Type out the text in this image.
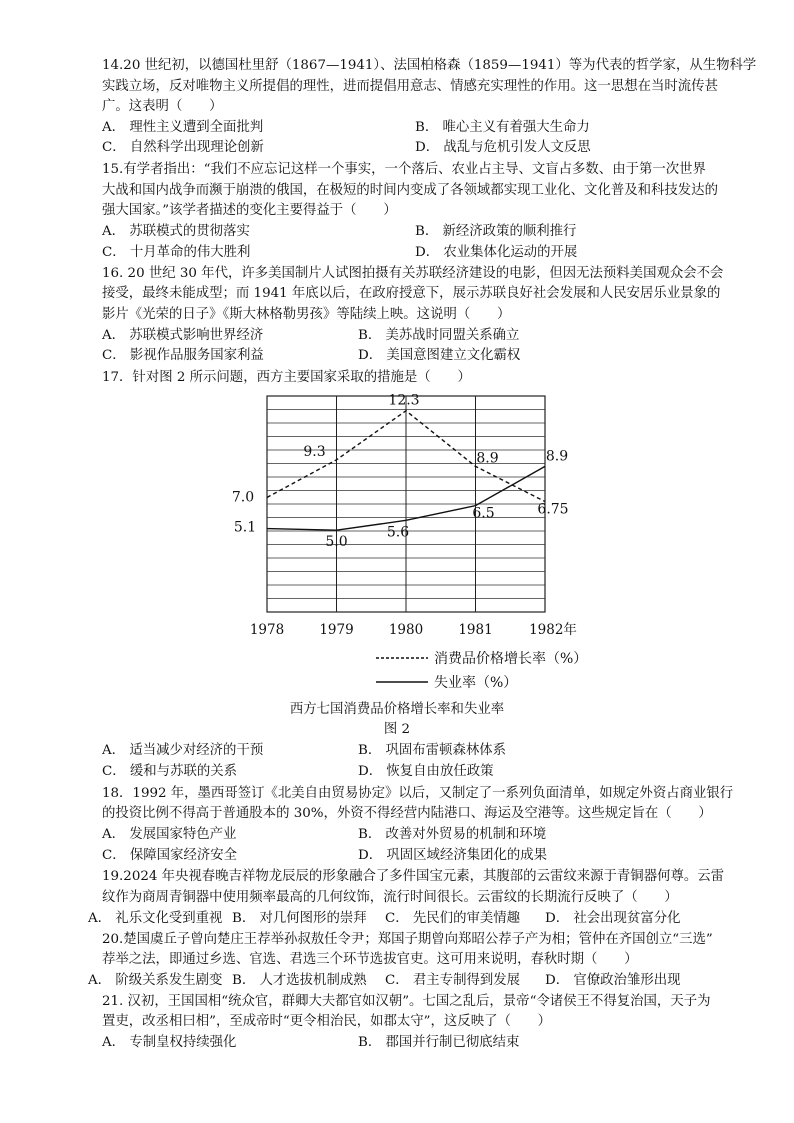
14.20 世纪初，以德国杜里舒（1867—1941）、法国柏格森（1859—1941）等为代表的哲学家，从生物科学
实践立场，反对唯物主义所提倡的理性，进而提倡用意志、情感充实理性的作用。这一思想在当时流传甚
广。这表明（　　）
A． 理性主义遭到全面批判	B． 唯心主义有着强大生命力
C． 自然科学出现理论创新	D． 战乱与危机引发人文反思
15.有学者指出：“我们不应忘记这样一个事实，一个落后、农业占主导、文盲占多数、由于第一次世界
大战和国内战争而濒于崩溃的俄国，在极短的时间内变成了各领域都实现工业化、文化普及和科技发达的
强大国家。”该学者描述的变化主要得益于（　　）
A． 苏联模式的贯彻落实	B． 新经济政策的顺利推行
C． 十月革命的伟大胜利	D． 农业集体化运动的开展
16. 20 世纪 30 年代，许多美国制片人试图拍摄有关苏联经济建设的电影，但因无法预料美国观众会不会
接受，最终未能成型；而 1941 年底以后，在政府授意下，展示苏联良好社会发展和人民安居乐业景象的
影片《光荣的日子》《斯大林格勒男孩》等陆续上映。这说明（　　）
A． 苏联模式影响世界经济	B． 美苏战时同盟关系确立
C． 影视作品服务国家利益	D． 美国意图建立文化霸权
17．针对图 2 所示问题，西方主要国家采取的措施是（　　）
1978	1979	1980	1981	1982年
7.0
9.3
12.3
8.9
6.75
5.1
5.0
5.6
6.5
8.9
消费品价格增长率（%）
失业率（%）
西方七国消费品价格增长率和失业率
图 2
A． 适当减少对经济的干预	B． 巩固布雷顿森林体系
C． 缓和与苏联的关系	D． 恢复自由放任政策
18．1992 年，墨西哥签订《北美自由贸易协定》以后，又制定了一系列负面清单，如规定外资占商业银行
的投资比例不得高于普通股本的 30%，外资不得经营内陆港口、海运及空港等。这些规定旨在（　　）
A． 发展国家特色产业	B． 改善对外贸易的机制和环境
C． 保障国家经济安全	D． 巩固区域经济集团化的成果
19.2024 年央视春晚吉祥物龙辰辰的形象融合了多件国宝元素，其腹部的云雷纹来源于青铜器何尊。云雷
纹作为商周青铜器中使用频率最高的几何纹饰，流行时间很长。云雷纹的长期流行反映了（　　）
A． 礼乐文化受到重视 B． 对几何图形的崇拜 C． 先民们的审美情趣 D． 社会出现贫富分化
20.楚国虞丘子曾向楚庄王荐举孙叔敖任令尹；郑国子期曾向郑昭公荐子产为相；管仲在齐国创立“三选”
荐举之法，即通过乡选、官选、君选三个环节选拔官吏。这可用来说明，春秋时期（　　）
A． 阶级关系发生剧变 B． 人才选拔机制成熟 C． 君主专制得到发展 D． 官僚政治雏形出现
21. 汉初，王国国相“统众官，群卿大夫都官如汉朝”。七国之乱后，景帝“令诸侯王不得复治国，天子为
置吏，改丞相曰相”，至成帝时“更令相治民，如郡太守”，这反映了（　　）
A． 专制皇权持续强化	B． 郡国并行制已彻底结束
